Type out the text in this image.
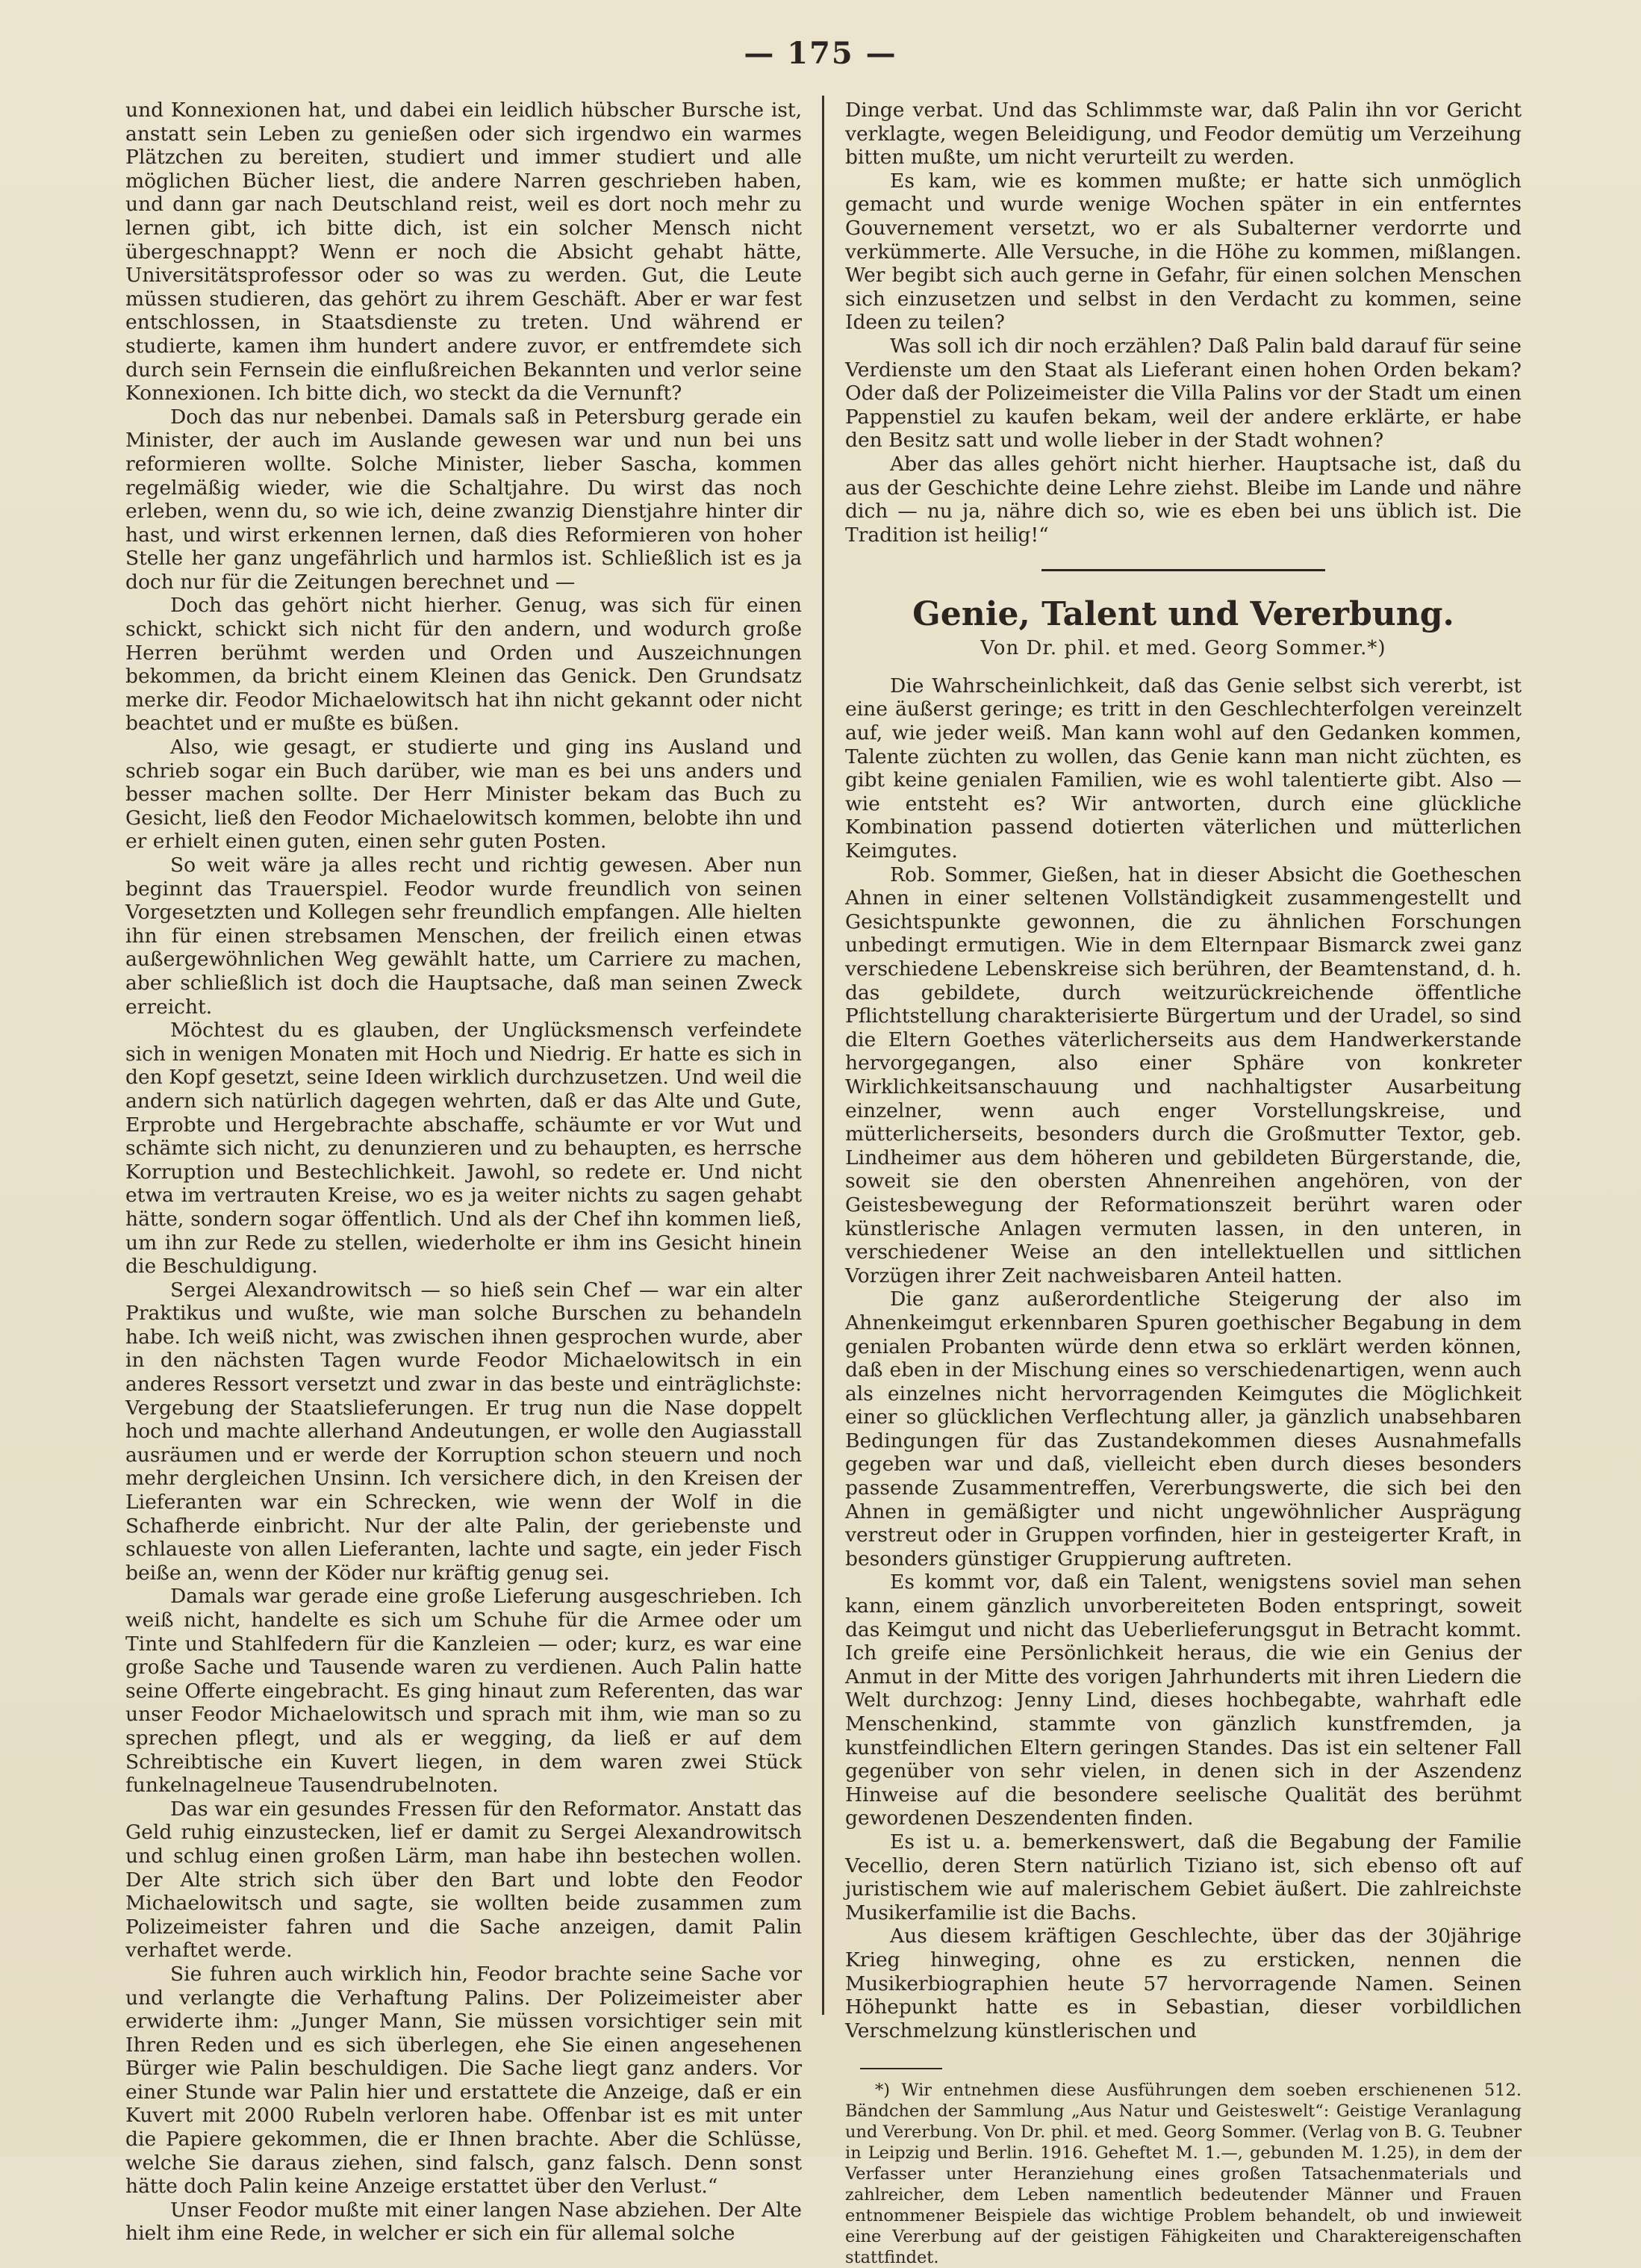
— 175 —

und Konnexionen hat, und dabei ein leidlich hübscher Bursche ist, anstatt sein Leben zu genießen oder sich irgendwo ein warmes Plätzchen zu bereiten, studiert und immer studiert und alle möglichen Bücher liest, die andere Narren geschrieben haben, und dann gar nach Deutschland reist, weil es dort noch mehr zu lernen gibt, ich bitte dich, ist ein solcher Mensch nicht übergeschnappt? Wenn er noch die Absicht gehabt hätte, Universitätsprofessor oder so was zu werden. Gut, die Leute müssen studieren, das gehört zu ihrem Geschäft. Aber er war fest entschlossen, in Staatsdienste zu treten. Und während er studierte, kamen ihm hundert andere zuvor, er entfremdete sich durch sein Fernsein die einflußreichen Bekannten und verlor seine Konnexionen. Ich bitte dich, wo steckt da die Vernunft?

Doch das nur nebenbei. Damals saß in Petersburg gerade ein Minister, der auch im Auslande gewesen war und nun bei uns reformieren wollte. Solche Minister, lieber Sascha, kommen regelmäßig wieder, wie die Schaltjahre. Du wirst das noch erleben, wenn du, so wie ich, deine zwanzig Dienstjahre hinter dir hast, und wirst erkennen lernen, daß dies Reformieren von hoher Stelle her ganz ungefährlich und harmlos ist. Schließlich ist es ja doch nur für die Zeitungen berechnet und —

Doch das gehört nicht hierher. Genug, was sich für einen schickt, schickt sich nicht für den andern, und wodurch große Herren berühmt werden und Orden und Auszeichnungen bekommen, da bricht einem Kleinen das Genick. Den Grundsatz merke dir. Feodor Michaelowitsch hat ihn nicht gekannt oder nicht beachtet und er mußte es büßen.

Also, wie gesagt, er studierte und ging ins Ausland und schrieb sogar ein Buch darüber, wie man es bei uns anders und besser machen sollte. Der Herr Minister bekam das Buch zu Gesicht, ließ den Feodor Michaelowitsch kommen, belobte ihn und er erhielt einen guten, einen sehr guten Posten.

So weit wäre ja alles recht und richtig gewesen. Aber nun beginnt das Trauerspiel. Feodor wurde freundlich von seinen Vorgesetzten und Kollegen sehr freundlich empfangen. Alle hielten ihn für einen strebsamen Menschen, der freilich einen etwas außergewöhnlichen Weg gewählt hatte, um Carriere zu machen, aber schließlich ist doch die Hauptsache, daß man seinen Zweck erreicht.

Möchtest du es glauben, der Unglücksmensch verfeindete sich in wenigen Monaten mit Hoch und Niedrig. Er hatte es sich in den Kopf gesetzt, seine Ideen wirklich durchzusetzen. Und weil die andern sich natürlich dagegen wehrten, daß er das Alte und Gute, Erprobte und Hergebrachte abschaffe, schäumte er vor Wut und schämte sich nicht, zu denunzieren und zu behaupten, es herrsche Korruption und Bestechlichkeit. Jawohl, so redete er. Und nicht etwa im vertrauten Kreise, wo es ja weiter nichts zu sagen gehabt hätte, sondern sogar öffentlich. Und als der Chef ihn kommen ließ, um ihn zur Rede zu stellen, wiederholte er ihm ins Gesicht hinein die Beschuldigung.

Sergei Alexandrowitsch — so hieß sein Chef — war ein alter Praktikus und wußte, wie man solche Burschen zu behandeln habe. Ich weiß nicht, was zwischen ihnen gesprochen wurde, aber in den nächsten Tagen wurde Feodor Michaelowitsch in ein anderes Ressort versetzt und zwar in das beste und einträglichste: Vergebung der Staatslieferungen. Er trug nun die Nase doppelt hoch und machte allerhand Andeutungen, er wolle den Augiasstall ausräumen und er werde der Korruption schon steuern und noch mehr dergleichen Unsinn. Ich versichere dich, in den Kreisen der Lieferanten war ein Schrecken, wie wenn der Wolf in die Schafherde einbricht. Nur der alte Palin, der geriebenste und schlaueste von allen Lieferanten, lachte und sagte, ein jeder Fisch beiße an, wenn der Köder nur kräftig genug sei.

Damals war gerade eine große Lieferung ausgeschrieben. Ich weiß nicht, handelte es sich um Schuhe für die Armee oder um Tinte und Stahlfedern für die Kanzleien — oder; kurz, es war eine große Sache und Tausende waren zu verdienen. Auch Palin hatte seine Offerte eingebracht. Es ging hinaut zum Referenten, das war unser Feodor Michaelowitsch und sprach mit ihm, wie man so zu sprechen pflegt, und als er wegging, da ließ er auf dem Schreibtische ein Kuvert liegen, in dem waren zwei Stück funkelnagelneue Tausendrubelnoten.

Das war ein gesundes Fressen für den Reformator. Anstatt das Geld ruhig einzustecken, lief er damit zu Sergei Alexandrowitsch und schlug einen großen Lärm, man habe ihn bestechen wollen. Der Alte strich sich über den Bart und lobte den Feodor Michaelowitsch und sagte, sie wollten beide zusammen zum Polizeimeister fahren und die Sache anzeigen, damit Palin verhaftet werde.

Sie fuhren auch wirklich hin, Feodor brachte seine Sache vor und verlangte die Verhaftung Palins. Der Polizeimeister aber erwiderte ihm: „Junger Mann, Sie müssen vorsichtiger sein mit Ihren Reden und es sich überlegen, ehe Sie einen angesehenen Bürger wie Palin beschuldigen. Die Sache liegt ganz anders. Vor einer Stunde war Palin hier und erstattete die Anzeige, daß er ein Kuvert mit 2000 Rubeln verloren habe. Offenbar ist es mit unter die Papiere gekommen, die er Ihnen brachte. Aber die Schlüsse, welche Sie daraus ziehen, sind falsch, ganz falsch. Denn sonst hätte doch Palin keine Anzeige erstattet über den Verlust.“

Unser Feodor mußte mit einer langen Nase abziehen. Der Alte hielt ihm eine Rede, in welcher er sich ein für allemal solche

Dinge verbat. Und das Schlimmste war, daß Palin ihn vor Gericht verklagte, wegen Beleidigung, und Feodor demütig um Verzeihung bitten mußte, um nicht verurteilt zu werden.

Es kam, wie es kommen mußte; er hatte sich unmöglich gemacht und wurde wenige Wochen später in ein entferntes Gouvernement versetzt, wo er als Subalterner verdorrte und verkümmerte. Alle Versuche, in die Höhe zu kommen, mißlangen. Wer begibt sich auch gerne in Gefahr, für einen solchen Menschen sich einzusetzen und selbst in den Verdacht zu kommen, seine Ideen zu teilen?

Was soll ich dir noch erzählen? Daß Palin bald darauf für seine Verdienste um den Staat als Lieferant einen hohen Orden bekam? Oder daß der Polizeimeister die Villa Palins vor der Stadt um einen Pappenstiel zu kaufen bekam, weil der andere erklärte, er habe den Besitz satt und wolle lieber in der Stadt wohnen?

Aber das alles gehört nicht hierher. Hauptsache ist, daß du aus der Geschichte deine Lehre ziehst. Bleibe im Lande und nähre dich — nu ja, nähre dich so, wie es eben bei uns üblich ist. Die Tradition ist heilig!“

Genie, Talent und Vererbung.

Von Dr. phil. et med. Georg Sommer.*)

Die Wahrscheinlichkeit, daß das Genie selbst sich vererbt, ist eine äußerst geringe; es tritt in den Geschlechterfolgen vereinzelt auf, wie jeder weiß. Man kann wohl auf den Gedanken kommen, Talente züchten zu wollen, das Genie kann man nicht züchten, es gibt keine genialen Familien, wie es wohl talentierte gibt. Also — wie entsteht es? Wir antworten, durch eine glückliche Kombination passend dotierten väterlichen und mütterlichen Keimgutes.

Rob. Sommer, Gießen, hat in dieser Absicht die Goetheschen Ahnen in einer seltenen Vollständigkeit zusammengestellt und Gesichtspunkte gewonnen, die zu ähnlichen Forschungen unbedingt ermutigen. Wie in dem Elternpaar Bismarck zwei ganz verschiedene Lebenskreise sich berühren, der Beamtenstand, d. h. das gebildete, durch weitzurückreichende öffentliche Pflichtstellung charakterisierte Bürgertum und der Uradel, so sind die Eltern Goethes väterlicherseits aus dem Handwerkerstande hervorgegangen, also einer Sphäre von konkreter Wirklichkeitsanschauung und nachhaltigster Ausarbeitung einzelner, wenn auch enger Vorstellungskreise, und mütterlicherseits, besonders durch die Großmutter Textor, geb. Lindheimer aus dem höheren und gebildeten Bürgerstande, die, soweit sie den obersten Ahnenreihen angehören, von der Geistesbewegung der Reformationszeit berührt waren oder künstlerische Anlagen vermuten lassen, in den unteren, in verschiedener Weise an den intellektuellen und sittlichen Vorzügen ihrer Zeit nachweisbaren Anteil hatten.

Die ganz außerordentliche Steigerung der also im Ahnenkeimgut erkennbaren Spuren goethischer Begabung in dem genialen Probanten würde denn etwa so erklärt werden können, daß eben in der Mischung eines so verschiedenartigen, wenn auch als einzelnes nicht hervorragenden Keimgutes die Möglichkeit einer so glücklichen Verflechtung aller, ja gänzlich unabsehbaren Bedingungen für das Zustandekommen dieses Ausnahmefalls gegeben war und daß, vielleicht eben durch dieses besonders passende Zusammentreffen, Vererbungswerte, die sich bei den Ahnen in gemäßigter und nicht ungewöhnlicher Ausprägung verstreut oder in Gruppen vorfinden, hier in gesteigerter Kraft, in besonders günstiger Gruppierung auftreten.

Es kommt vor, daß ein Talent, wenigstens soviel man sehen kann, einem gänzlich unvorbereiteten Boden entspringt, soweit das Keimgut und nicht das Ueberlieferungsgut in Betracht kommt. Ich greife eine Persönlichkeit heraus, die wie ein Genius der Anmut in der Mitte des vorigen Jahrhunderts mit ihren Liedern die Welt durchzog: Jenny Lind, dieses hochbegabte, wahrhaft edle Menschenkind, stammte von gänzlich kunstfremden, ja kunstfeindlichen Eltern geringen Standes. Das ist ein seltener Fall gegenüber von sehr vielen, in denen sich in der Aszendenz Hinweise auf die besondere seelische Qualität des berühmt gewordenen Deszendenten finden.

Es ist u. a. bemerkenswert, daß die Begabung der Familie Vecellio, deren Stern natürlich Tiziano ist, sich ebenso oft auf juristischem wie auf malerischem Gebiet äußert. Die zahlreichste Musikerfamilie ist die Bachs.

Aus diesem kräftigen Geschlechte, über das der 30jährige Krieg hinweging, ohne es zu ersticken, nennen die Musikerbiographien heute 57 hervorragende Namen. Seinen Höhepunkt hatte es in Sebastian, dieser vorbildlichen Verschmelzung künstlerischen und

*) Wir entnehmen diese Ausführungen dem soeben erschienenen 512. Bändchen der Sammlung „Aus Natur und Geisteswelt“: Geistige Veranlagung und Vererbung. Von Dr. phil. et med. Georg Sommer. (Verlag von B. G. Teubner in Leipzig und Berlin. 1916. Geheftet M. 1.—, gebunden M. 1.25), in dem der Verfasser unter Heranziehung eines großen Tatsachenmaterials und zahlreicher, dem Leben namentlich bedeutender Männer und Frauen entnommener Beispiele das wichtige Problem behandelt, ob und inwieweit eine Vererbung auf der geistigen Fähigkeiten und Charaktereigenschaften stattfindet.
